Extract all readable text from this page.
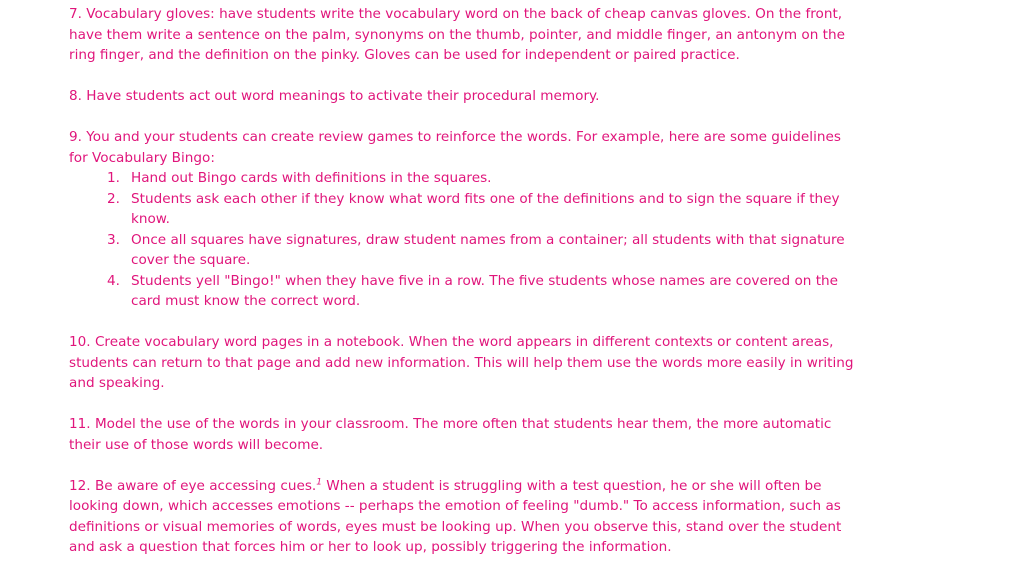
7. Vocabulary gloves: have students write the vocabulary word on the back of cheap canvas gloves. On the front, have them write a sentence on the palm, synonyms on the thumb, pointer, and middle finger, an antonym on the ring finger, and the definition on the pinky. Gloves can be used for independent or paired practice.

8. Have students act out word meanings to activate their procedural memory.

9. You and your students can create review games to reinforce the words. For example, here are some guidelines for Vocabulary Bingo:

1. Hand out Bingo cards with definitions in the squares.
2. Students ask each other if they know what word fits one of the definitions and to sign the square if they know.
3. Once all squares have signatures, draw student names from a container; all students with that signature cover the square.
4. Students yell "Bingo!" when they have five in a row. The five students whose names are covered on the card must know the correct word.

10. Create vocabulary word pages in a notebook. When the word appears in different contexts or content areas, students can return to that page and add new information. This will help them use the words more easily in writing and speaking.

11. Model the use of the words in your classroom. The more often that students hear them, the more automatic their use of those words will become.

12. Be aware of eye accessing cues.$^1$ When a student is struggling with a test question, he or she will often be looking down, which accesses emotions -- perhaps the emotion of feeling "dumb." To access information, such as definitions or visual memories of words, eyes must be looking up. When you observe this, stand over the student and ask a question that forces him or her to look up, possibly triggering the information.
